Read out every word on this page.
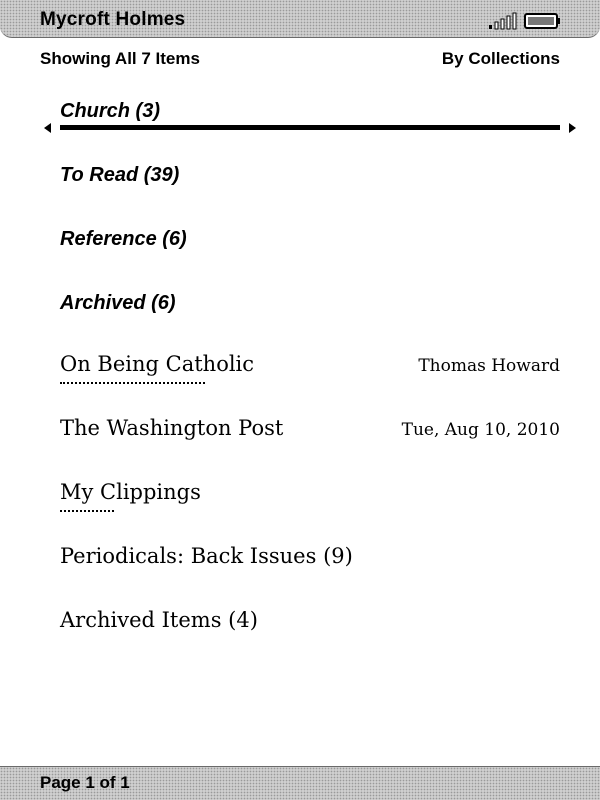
Mycroft Holmes
Showing All 7 Items	By Collections
Church (3)
To Read (39)
Reference (6)
Archived (6)
On Being Catholic	Thomas Howard
The Washington Post	Tue, Aug 10, 2010
My Clippings
Periodicals: Back Issues (9)
Archived Items (4)
Page 1 of 1
